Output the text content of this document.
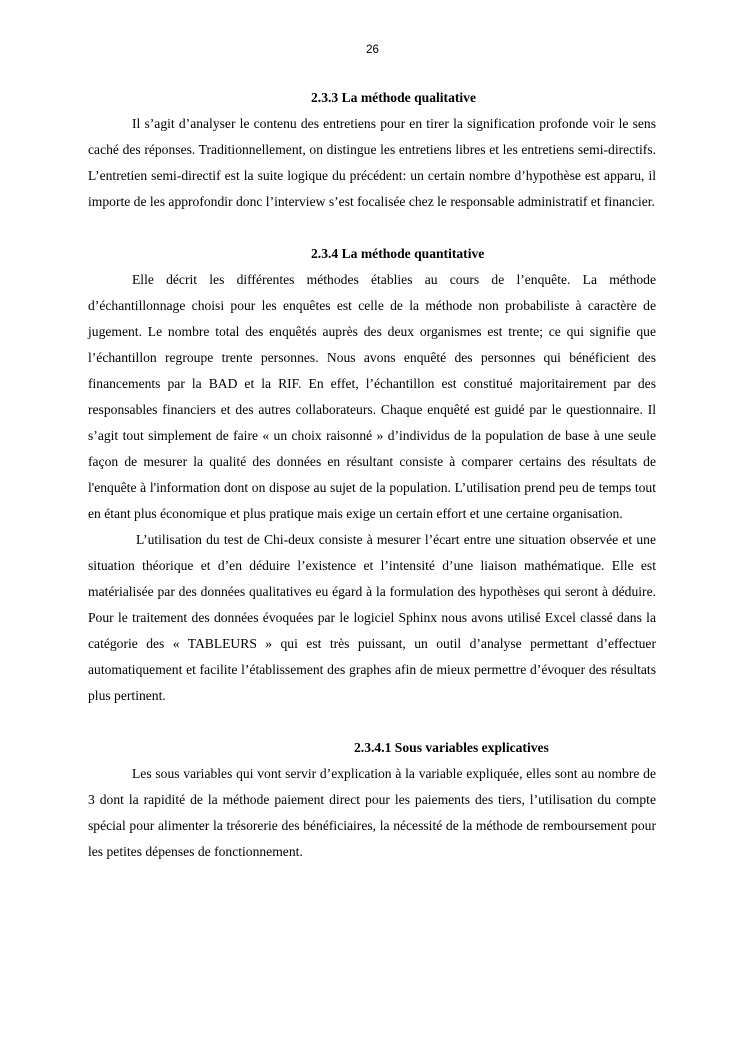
26
2.3.3 La méthode qualitative

Il s’agit d’analyser le contenu des entretiens pour en tirer la signification profonde voir le sens caché des réponses. Traditionnellement, on distingue les entretiens libres et les entretiens semi-directifs. L’entretien semi-directif est la suite logique du précédent: un certain nombre d’hypothèse est apparu, il importe de les approfondir donc l’interview s’est focalisée chez le responsable administratif et financier.

2.3.4 La méthode quantitative

Elle décrit les différentes méthodes établies au cours de l’enquête. La méthode d’échantillonnage choisi pour les enquêtes est celle de la méthode non probabiliste à caractère de jugement. Le nombre total des enquêtés auprès des deux organismes est trente; ce qui signifie que l’échantillon regroupe trente personnes. Nous avons enquêté des personnes qui bénéficient des financements par la BAD et la RIF. En effet, l’échantillon est constitué majoritairement par des responsables financiers et des autres collaborateurs. Chaque enquêté est guidé par le questionnaire. Il s’agit tout simplement de faire « un choix raisonné » d’individus de la population de base à une seule façon de mesurer la qualité des données en résultant consiste à comparer certains des résultats de l'enquête à l'information dont on dispose au sujet de la population. L’utilisation prend peu de temps tout en étant plus économique et plus pratique mais exige un certain effort et une certaine organisation.

L’utilisation du test de Chi-deux consiste à mesurer l’écart entre une situation observée et une situation théorique et d’en déduire l’existence et l’intensité d’une liaison mathématique. Elle est matérialisée par des données qualitatives eu égard à la formulation des hypothèses qui seront à déduire. Pour le traitement des données évoquées par le logiciel Sphinx nous avons utilisé Excel classé dans la catégorie des « TABLEURS » qui est très puissant, un outil d’analyse permettant d’effectuer automatiquement et facilite l’établissement des graphes afin de mieux permettre d’évoquer des résultats plus pertinent.

2.3.4.1 Sous variables explicatives

Les sous variables qui vont servir d’explication à la variable expliquée, elles sont au nombre de 3 dont la rapidité de la méthode paiement direct pour les paiements des tiers, l’utilisation du compte spécial pour alimenter la trésorerie des bénéficiaires, la nécessité de la méthode de remboursement pour les petites dépenses de fonctionnement.
